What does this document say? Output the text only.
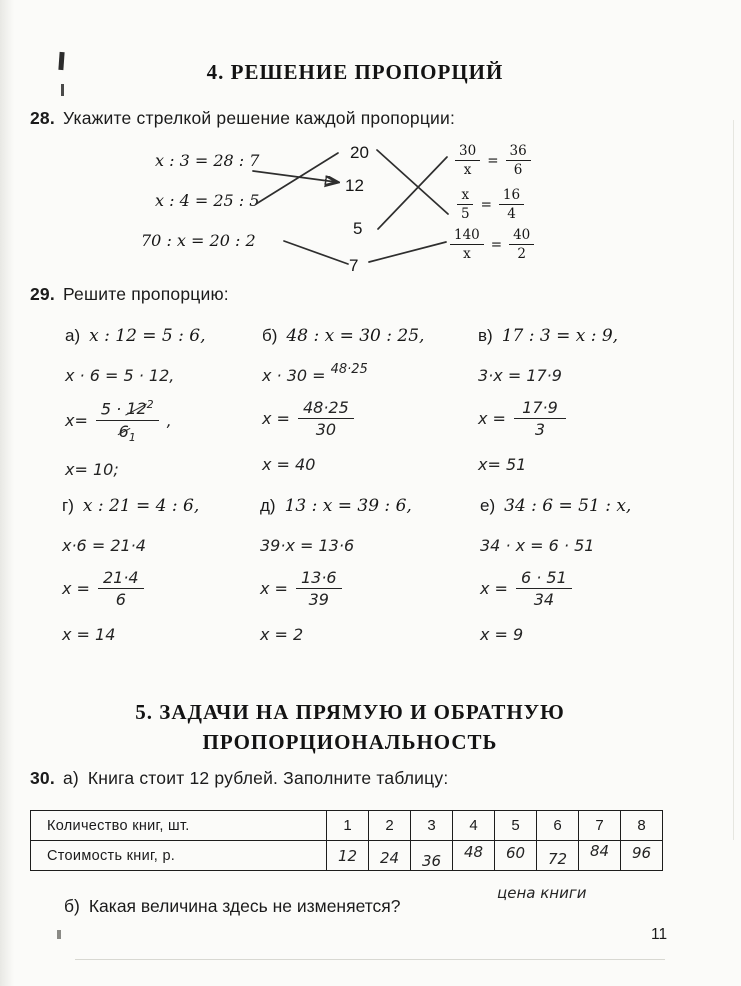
4. РЕШЕНИЕ ПРОПОРЦИЙ
28. Укажите стрелкой решение каждой пропорции:
x : 3 = 28 : 7
x : 4 = 25 : 5
70 : x = 20 : 2
20
12
5
7
$\frac{30}{x} = \frac{36}{6}$
$\frac{x}{5} = \frac{16}{4}$
$\frac{140}{x} = \frac{40}{2}$
29. Решите пропорцию:
а) x : 12 = 5 : 6,
x · 6 = 5 · 12,
$x= \frac{5 \cdot 12^2}{6_1}$ ,
x= 10;
б) 48 : x = 30 : 25,
x · 30 = $^{48\cdot 25}$
$x = \frac{48\cdot 25}{30}$
x = 40
в) 17 : 3 = x : 9,
3·x = 17·9
$x = \frac{17\cdot 9}{3}$
x= 51
г) x : 21 = 4 : 6,
x·6 = 21·4
$x = \frac{21\cdot 4}{6}$
x = 14
д) 13 : x = 39 : 6,
39·x = 13·6
$x = \frac{13\cdot 6}{39}$
x = 2
е) 34 : 6 = 51 : x,
34 · x = 6 · 51
$x = \frac{6 \cdot 51}{34}$
x = 9
5. ЗАДАЧИ НА ПРЯМУЮ И ОБРАТНУЮ
ПРОПОРЦИОНАЛЬНОСТЬ
30. а) Книга стоит 12 рублей. Заполните таблицу:
Количество книг, шт.	1	2	3	4	5	6	7	8
Стоимость книг, р.	12	24	36	48	60	72	84	96
б) Какая величина здесь не изменяется?
цена книги
11
